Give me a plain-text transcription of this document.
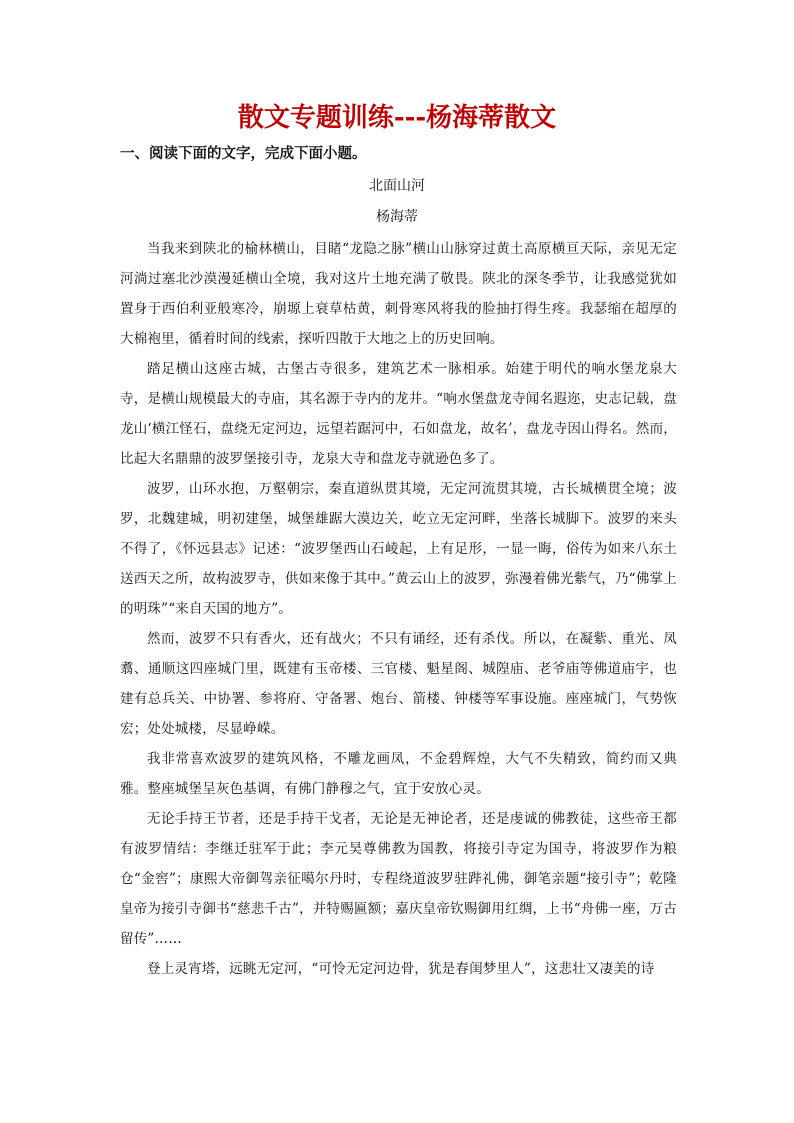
散文专题训练---杨海蒂散文
一、阅读下面的文字，完成下面小题。
北面山河
杨海蒂

当我来到陕北的榆林横山，目睹“龙隐之脉”横山山脉穿过黄土高原横亘天际，亲见无定河淌过塞北沙漠漫延横山全境，我对这片土地充满了敬畏。陕北的深冬季节，让我感觉犹如置身于西伯利亚般寒冷，崩塬上衰草枯黄，刺骨寒风将我的脸抽打得生疼。我瑟缩在超厚的大棉袍里，循着时间的线索，探听四散于大地之上的历史回响。

踏足横山这座古城，古堡古寺很多，建筑艺术一脉相承。始建于明代的响水堡龙泉大寺，是横山规模最大的寺庙，其名源于寺内的龙井。“响水堡盘龙寺闻名遐迩，史志记载，盘龙山‘横江怪石，盘绕无定河边，远望若踞河中，石如盘龙，故名’，盘龙寺因山得名。然而，比起大名鼎鼎的波罗堡接引寺，龙泉大寺和盘龙寺就逊色多了。

波罗，山环水抱，万壑朝宗，秦直道纵贯其境，无定河流贯其境，古长城横贯全境；波罗，北魏建城，明初建堡，城堡雄踞大漠边关，屹立无定河畔，坐落长城脚下。波罗的来头不得了，《怀远县志》记述：“波罗堡西山石崚起，上有足形，一显一晦，俗传为如来八东土送西天之所，故构波罗寺，供如来像于其中。”黄云山上的波罗，弥漫着佛光紫气，乃“佛掌上的明珠”“来自天国的地方”。

然而，波罗不只有香火，还有战火；不只有诵经，还有杀伐。所以，在凝紫、重光、凤翥、通顺这四座城门里，既建有玉帝楼、三官楼、魁星阁、城隍庙、老爷庙等佛道庙宇，也建有总兵关、中协署、参将府、守备署、炮台、箭楼、钟楼等军事设施。座座城门，气势恢宏；处处城楼，尽显峥嵘。

我非常喜欢波罗的建筑风格，不雕龙画凤，不金碧辉煌，大气不失精致，简约而又典雅。整座城堡呈灰色基调，有佛门静穆之气，宜于安放心灵。

无论手持王节者，还是手持干戈者，无论是无神论者，还是虔诚的佛教徒，这些帝王都有波罗情结：李继迁驻军于此；李元昊尊佛教为国教，将接引寺定为国寺，将波罗作为粮仓“金窖”；康熙大帝御驾亲征噶尔丹时，专程绕道波罗驻跸礼佛，御笔亲题“接引寺”；乾隆皇帝为接引寺御书“慈悲千古”，并特赐匾额；嘉庆皇帝钦赐御用红绸，上书“舟佛一座，万古留传”……

登上灵宵塔，远眺无定河，“可怜无定河边骨，犹是春闺梦里人”，这悲壮又凄美的诗
